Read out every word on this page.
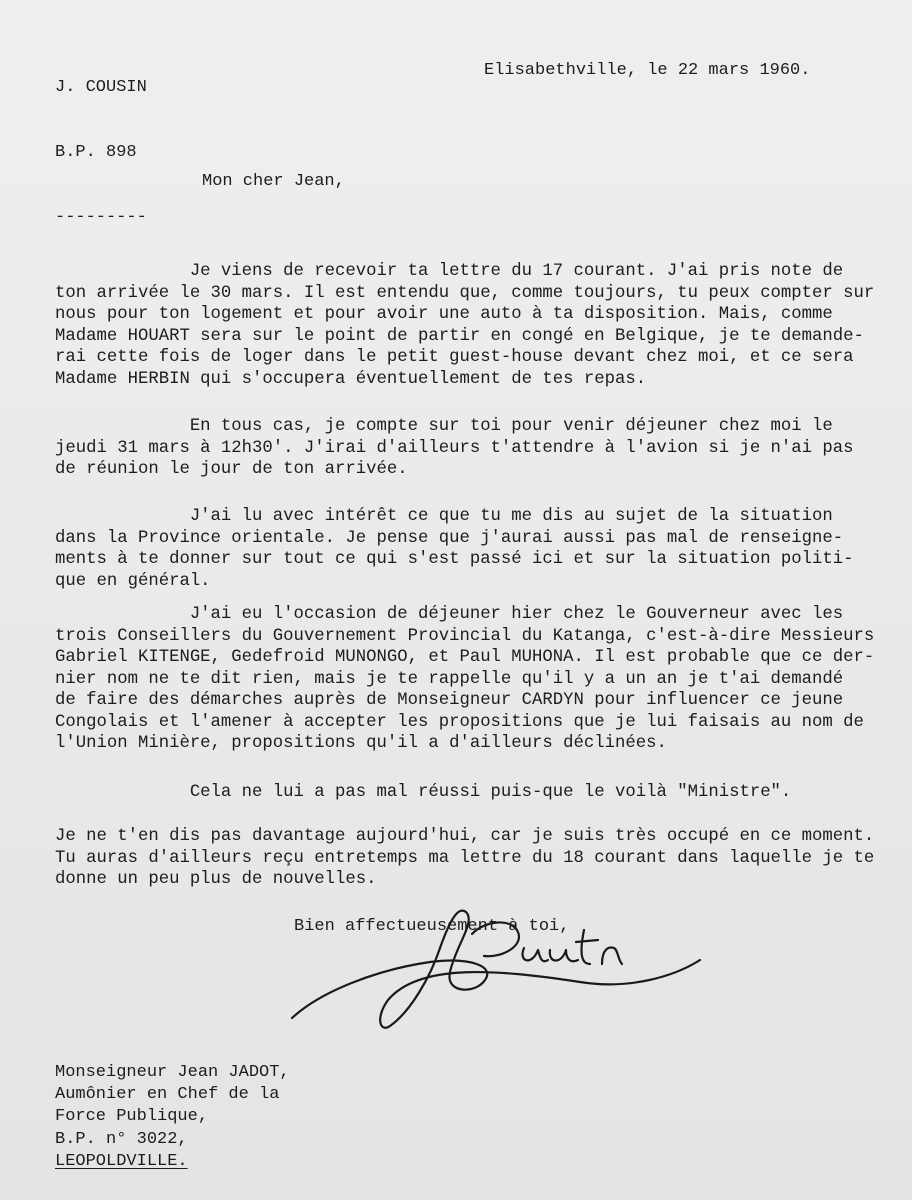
J. COUSIN

B.P. 898

---------

Elisabethville, le 22 mars 1960.
Mon cher Jean,
Je viens de recevoir ta lettre du 17 courant. J'ai pris note de
ton arrivée le 30 mars. Il est entendu que, comme toujours, tu peux compter sur
nous pour ton logement et pour avoir une auto à ta disposition. Mais, comme
Madame HOUART sera sur le point de partir en congé en Belgique, je te demande-
rai cette fois de loger dans le petit guest-house devant chez moi, et ce sera
Madame HERBIN qui s'occupera éventuellement de tes repas.
En tous cas, je compte sur toi pour venir déjeuner chez moi le
jeudi 31 mars à 12h30'. J'irai d'ailleurs t'attendre à l'avion si je n'ai pas
de réunion le jour de ton arrivée.
J'ai lu avec intérêt ce que tu me dis au sujet de la situation
dans la Province orientale. Je pense que j'aurai aussi pas mal de renseigne-
ments à te donner sur tout ce qui s'est passé ici et sur la situation politi-
que en général.
J'ai eu l'occasion de déjeuner hier chez le Gouverneur avec les
trois Conseillers du Gouvernement Provincial du Katanga, c'est-à-dire Messieurs
Gabriel KITENGE, Gedefroid MUNONGO, et Paul MUHONA. Il est probable que ce der-
nier nom ne te dit rien, mais je te rappelle qu'il y a un an je t'ai demandé
de faire des démarches auprès de Monseigneur CARDYN pour influencer ce jeune
Congolais et l'amener à accepter les propositions que je lui faisais au nom de
l'Union Minière, propositions qu'il a d'ailleurs déclinées.
Cela ne lui a pas mal réussi puis-que le voilà "Ministre".
Je ne t'en dis pas davantage aujourd'hui, car je suis très occupé en ce moment.
Tu auras d'ailleurs reçu entretemps ma lettre du 18 courant dans laquelle je te
donne un peu plus de nouvelles.
Bien affectueusement à toi,
Monseigneur Jean JADOT,
Aumônier en Chef de la
Force Publique,
B.P. n° 3022,
LEOPOLDVILLE.
